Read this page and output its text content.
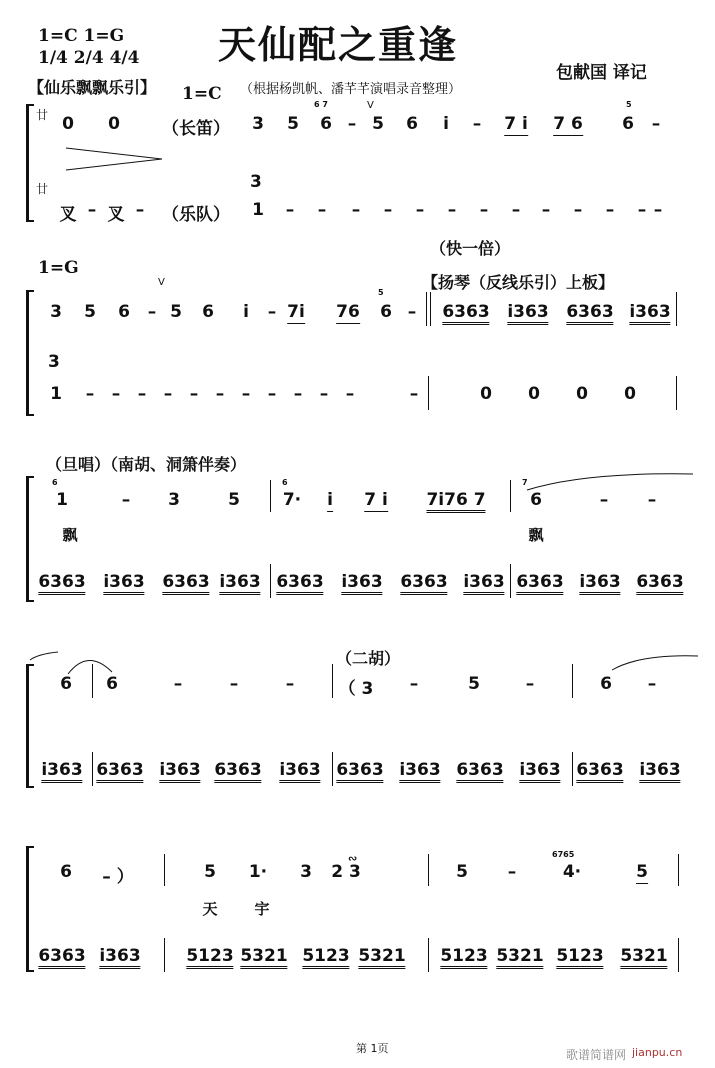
1=C 1=G
1/4 2/4 4/4 天仙配之重逢
包献国 译记
【仙乐飘飘乐引】 1=C （根据杨凯帆、潘芊芊演唱录音整理）
廿
廿
0 0 （长笛） 3 5 6 – 5 6 i – 7 i 7 6 6 –
叉 – 叉 – （乐队） 1 – – – – – – – – – – – – –
6 7	5
V
3
（快一倍）
1=G
【扬琴（反线乐引）上板】
3 5 6 – 5 6 i – 7i 76 6 – 6363 i363 6363 i363
1 – – – – – – – – – – –	–	0 0 0 0
5
V
3
（旦唱）（南胡、洞箫伴奏）
1	– 3	5	7· i 7 i 7i76 7	6	– –
6363 i363 6363 i363 6363 i363 6363 i363 6363 i363 6363
飘	飘
6	6	7
（二胡）
6 6	–	–	–	（ 3 –	5	–	6 –
i363 6363 i363 6363 i363 6363 i363 6363 i363 6363 i363
6 – ）	5 1· 3 2 3	5 –	4·	5
6363 i363	5123 5321 5123 5321 5123 5321 5123 5321
天 宇
6765
∾
第 1页	歌谱简谱网 jianpu.cn
